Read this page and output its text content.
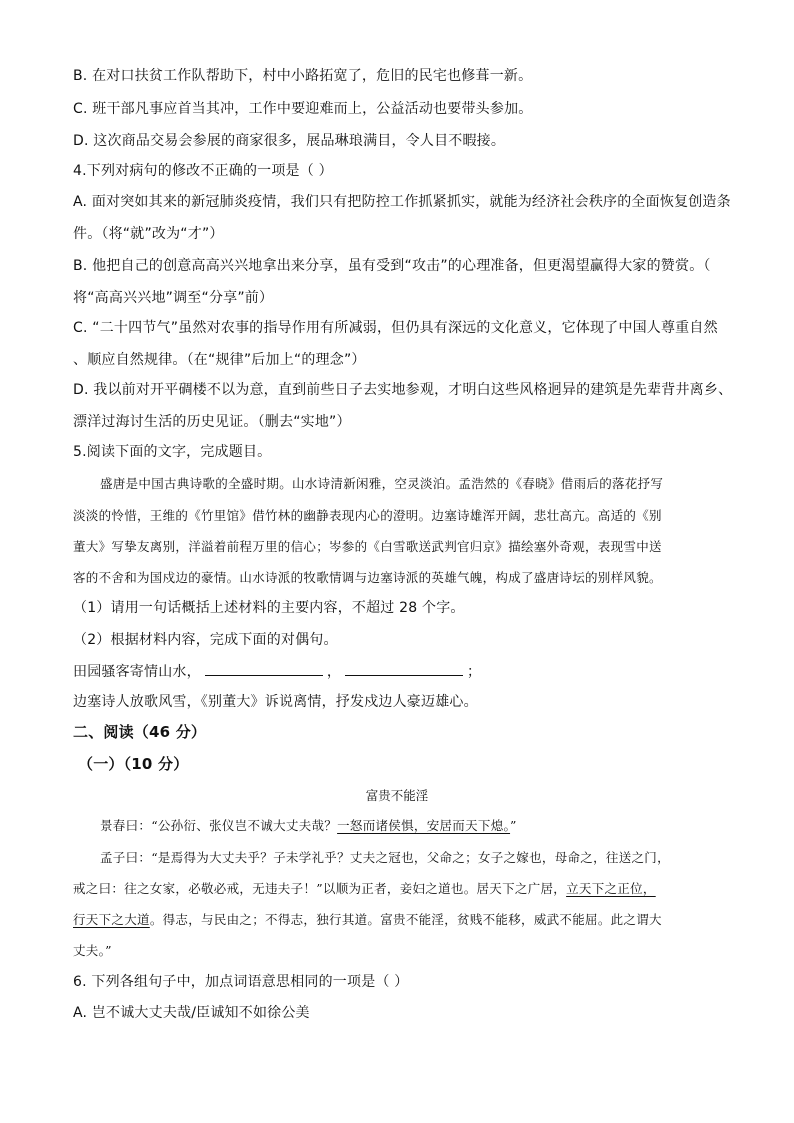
B. 在对口扶贫工作队帮助下，村中小路拓宽了，危旧的民宅也修葺一新。
C. 班干部凡事应首当其冲，工作中要迎难而上，公益活动也要带头参加。
D. 这次商品交易会参展的商家很多，展品琳琅满目，令人目不暇接。
4.下列对病句的修改不正确的一项是（ ）
A. 面对突如其来的新冠肺炎疫情，我们只有把防控工作抓紧抓实，就能为经济社会秩序的全面恢复创造条
件。（将“就”改为“才”）
B. 他把自己的创意高高兴兴地拿出来分享，虽有受到“攻击”的心理准备，但更渴望赢得大家的赞赏。（
将“高高兴兴地”调至“分享”前）
C. “二十四节气”虽然对农事的指导作用有所减弱，但仍具有深远的文化意义，它体现了中国人尊重自然
、顺应自然规律。（在“规律”后加上“的理念”）
D. 我以前对开平碉楼不以为意，直到前些日子去实地参观，才明白这些风格迥异的建筑是先辈背井离乡、
漂洋过海讨生活的历史见证。（删去“实地”）
5.阅读下面的文字，完成题目。
盛唐是中国古典诗歌的全盛时期。山水诗清新闲雅，空灵淡泊。孟浩然的《春晓》借雨后的落花抒写
淡淡的怜惜，王维的《竹里馆》借竹林的幽静表现内心的澄明。边塞诗雄浑开阔，悲壮高亢。高适的《别
董大》写挚友离别，洋溢着前程万里的信心；岑参的《白雪歌送武判官归京》描绘塞外奇观，表现雪中送
客的不舍和为国戍边的豪情。山水诗派的牧歌情调与边塞诗派的英雄气魄，构成了盛唐诗坛的别样风貌。
（1）请用一句话概括上述材料的主要内容，不超过 28 个字。
（2）根据材料内容，完成下面的对偶句。
田园骚客寄情山水，	，	；
边塞诗人放歌风雪，《别董大》诉说离情，抒发戍边人豪迈雄心。
二、阅读（46 分）
（一）（10 分）
富贵不能淫
景春曰：“公孙衍、张仪岂不诚大丈夫哉？一怒而诸侯惧，安居而天下熄。”
孟子曰：“是焉得为大丈夫乎？子未学礼乎？丈夫之冠也，父命之；女子之嫁也，母命之，往送之门，
戒之曰：往之女家，必敬必戒，无违夫子！”以顺为正者，妾妇之道也。居天下之广居，立天下之正位，
行天下之大道。得志，与民由之；不得志，独行其道。富贵不能淫，贫贱不能移，威武不能屈。此之谓大
丈夫。”
6. 下列各组句子中，加点词语意思相同的一项是（ ）
A. 岂不诚大丈夫哉/臣诚知不如徐公美
